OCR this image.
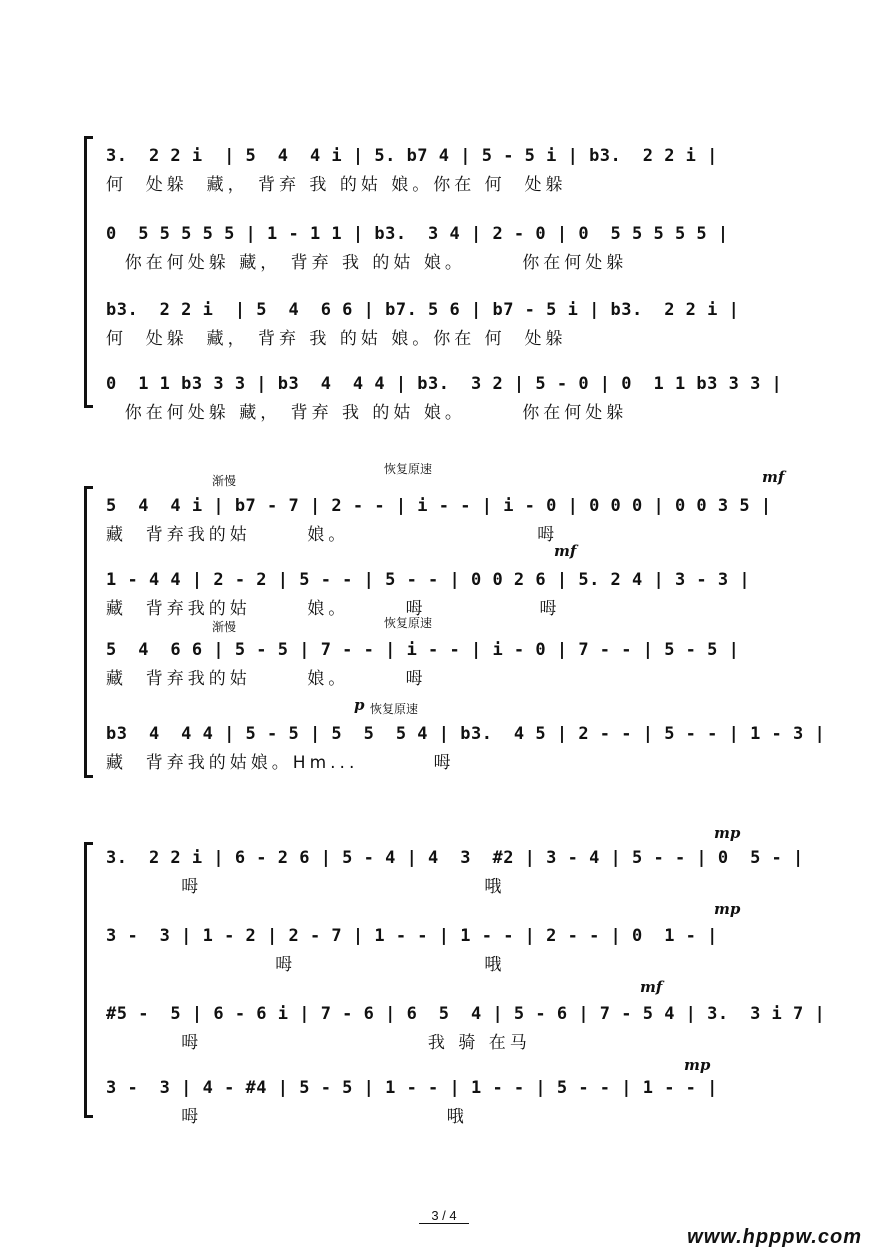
3.  2 2 i  | 5  4  4 i | 5. b7 4 | 5 - 5 i | b3.  2 2 i |
何  处躲  藏， 背弃 我 的姑 娘。你在 何  处躲
0  5 5 5 5 5 | 1 - 1 1 | b3.  3 4 | 2 - 0 | 0  5 5 5 5 5 |
你在何处躲 藏， 背弃 我 的姑 娘。      你在何处躲
b3.  2 2 i  | 5  4  6 6 | b7. 5 6 | b7 - 5 i | b3.  2 2 i |
何  处躲  藏， 背弃 我 的姑 娘。你在 何  处躲
0  1 1 b3 3 3 | b3  4  4 4 | b3.  3 2 | 5 - 0 | 0  1 1 b3 3 3 |
你在何处躲 藏， 背弃 我 的姑 娘。      你在何处躲
渐慢
恢复原速	mf
5  4  4 i | b7 - 7 | 2 - - | i - - | i - 0 | 0 0 0 | 0 0 3 5 |
藏  背弃我的姑      娘。                    呣
mf
1 - 4 4 | 2 - 2 | 5 - - | 5 - - | 0 0 2 6 | 5. 2 4 | 3 - 3 |
藏  背弃我的姑      娘。      呣            呣
渐慢	恢复原速
5  4  6 6 | 5 - 5 | 7 - - | i - - | i - 0 | 7 - - | 5 - 5 |
藏  背弃我的姑      娘。      呣
p 恢复原速
b3  4  4 4 | 5 - 5 | 5  5  5 4 | b3.  4 5 | 2 - - | 5 - - | 1 - 3 |
藏  背弃我的姑娘。Hm...        呣
mp
3.  2 2 i | 6 - 2 6 | 5 - 4 | 4  3  #2 | 3 - 4 | 5 - - | 0  5 - |
呣                              哦
mp
3 -  3 | 1 - 2 | 2 - 7 | 1 - - | 1 - - | 2 - - | 0  1 - |
呣                    哦
mf
#5 -  5 | 6 - 6 i | 7 - 6 | 6  5  4 | 5 - 6 | 7 - 5 4 | 3.  3 i 7 |
呣                        我 骑 在马
mp
3 -  3 | 4 - #4 | 5 - 5 | 1 - - | 1 - - | 5 - - | 1 - - |
呣                          哦
3 / 4
www.hpppw.com
